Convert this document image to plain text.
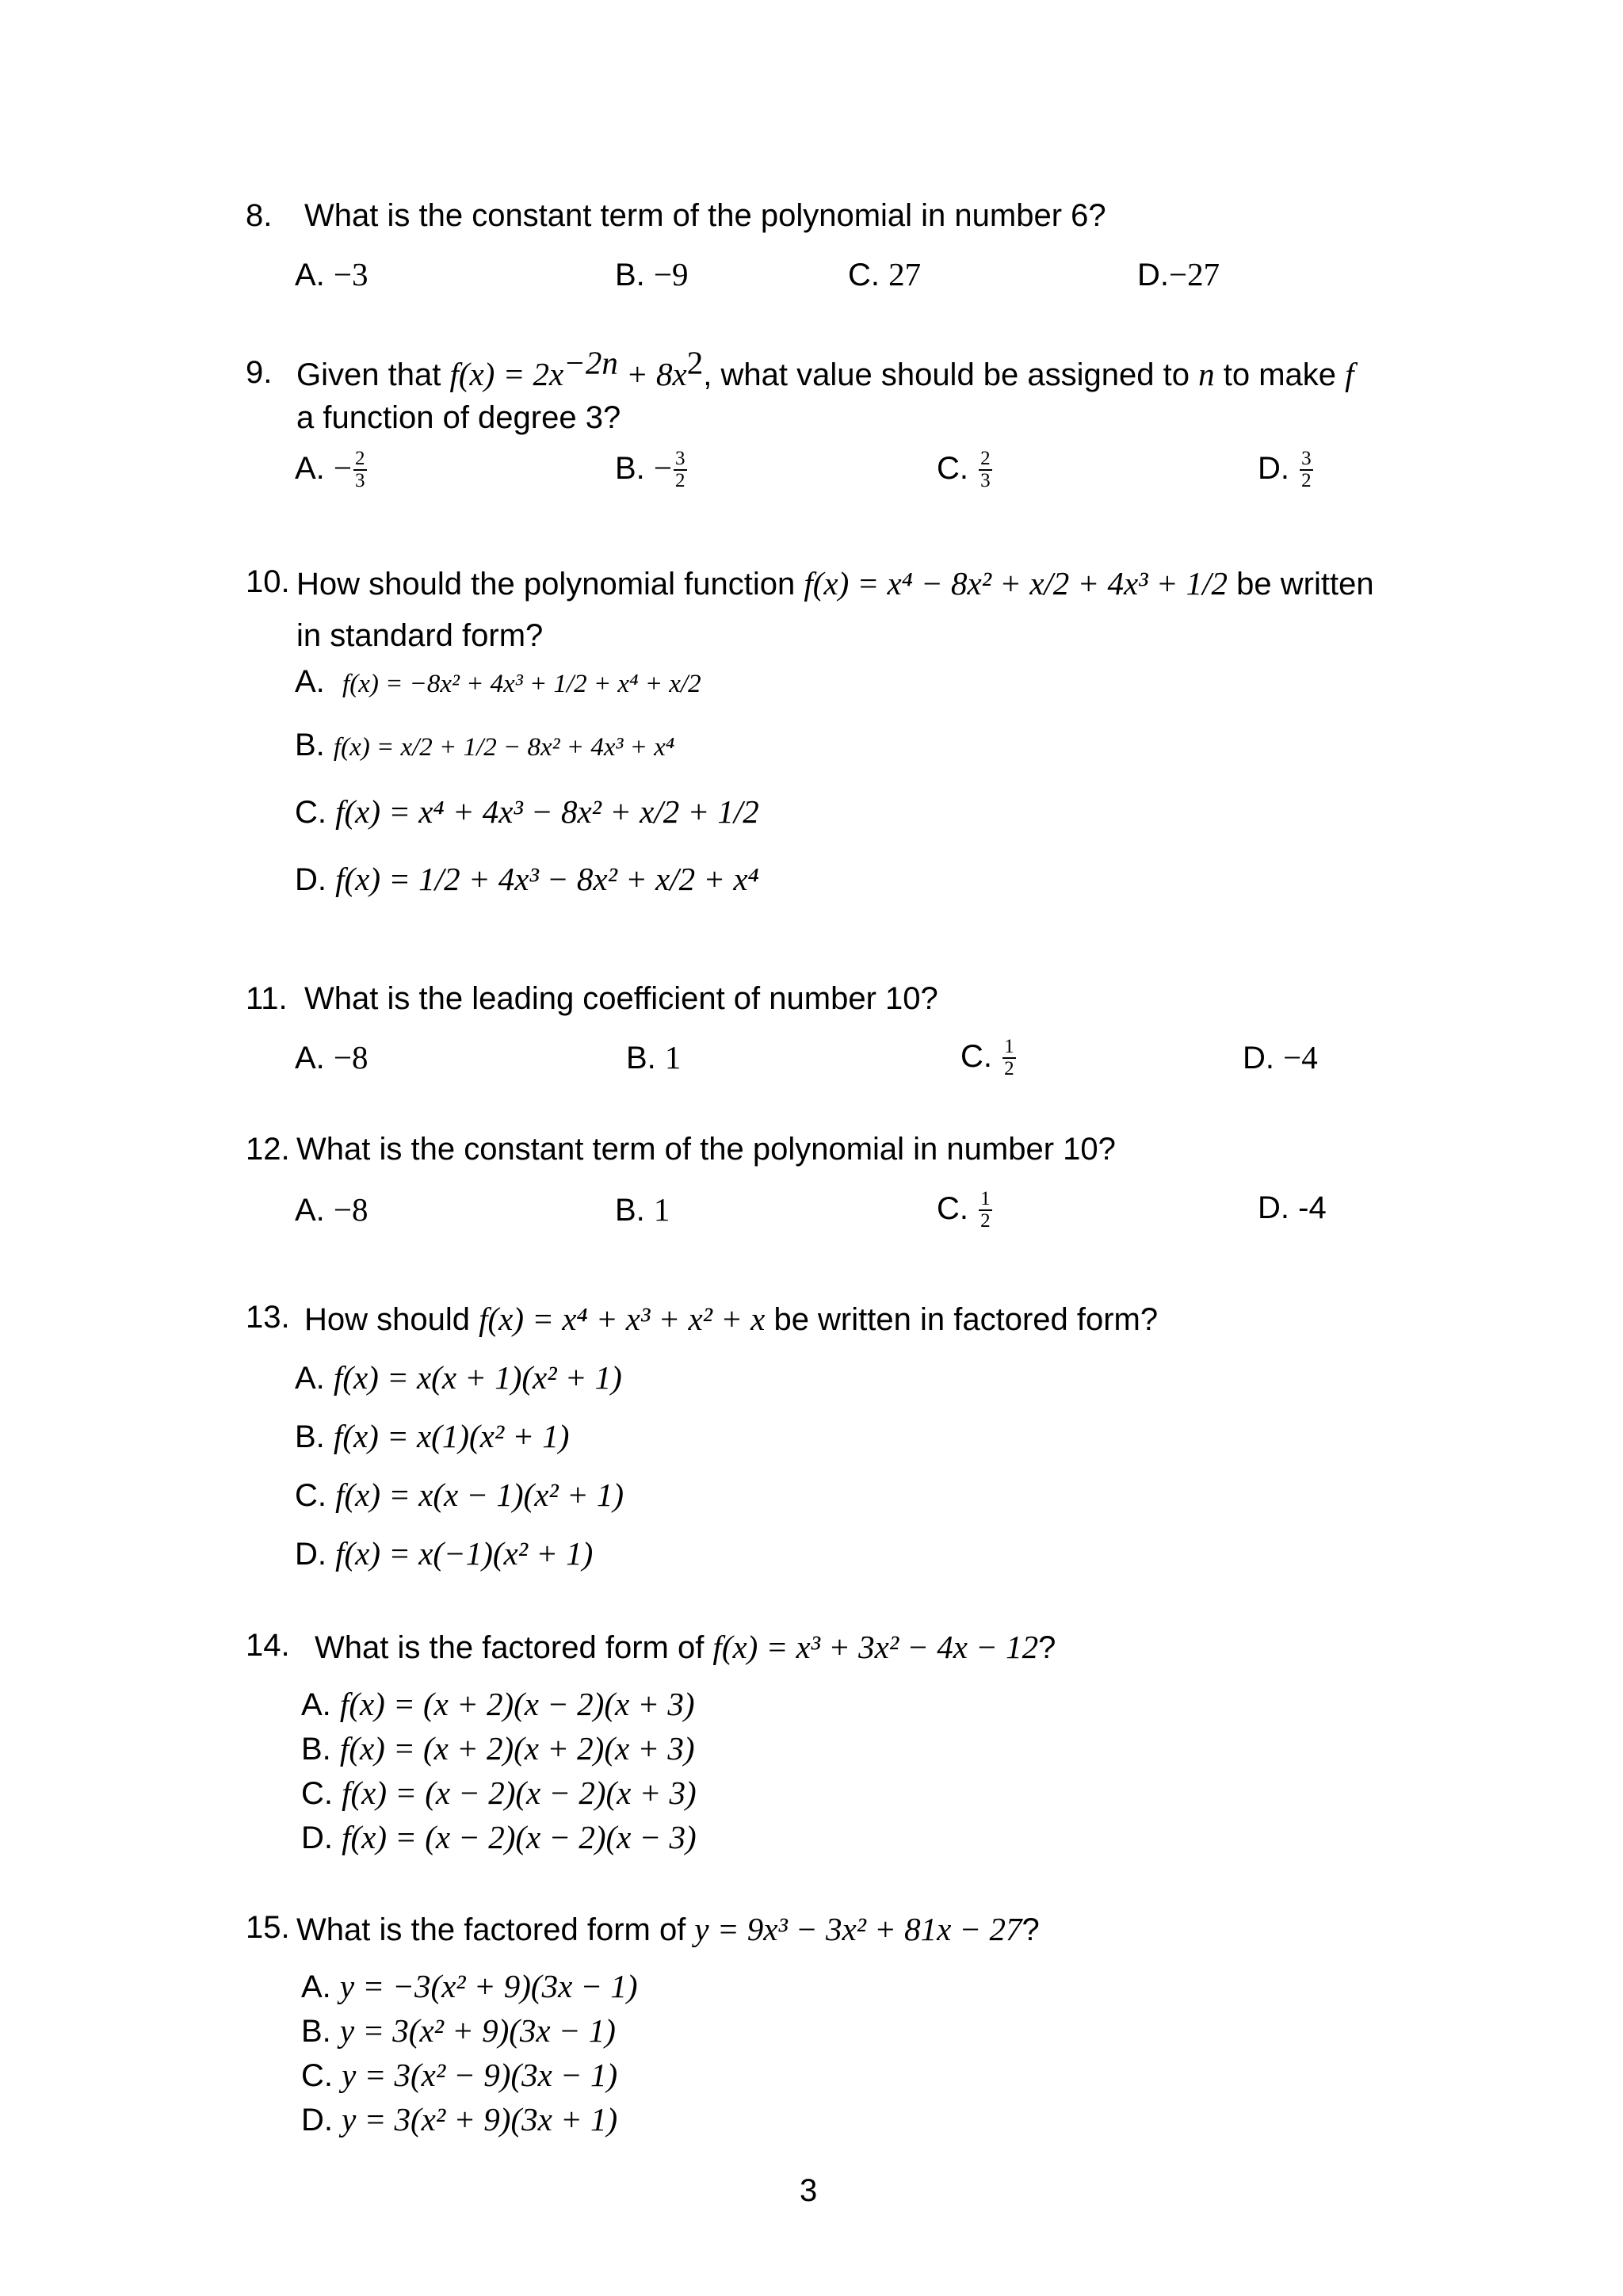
8. What is the constant term of the polynomial in number 6?
A. −3	B. −9	C. 27	D.−27
9. Given that $f(x) = 2x^{-2n} + 8x^2$, what value should be assigned to n to make f
a function of degree 3?
A. − $\frac{2}{3}$	B. − $\frac{3}{2}$	C. $\frac{2}{3}$	D. $\frac{3}{2}$
10. How should the polynomial function f(x) = x⁴ − 8x² + x/2 + 4x³ + 1/2 be written
in standard form?
A. f(x) = −8x² + 4x³ + 1/2 + x⁴ + x/2
B. f(x) = x/2 + 1/2 − 8x² + 4x³ + x⁴
C. f(x) = x⁴ + 4x³ − 8x² + x/2 + 1/2
D. f(x) = 1/2 + 4x³ − 8x² + x/2 + x⁴
11. What is the leading coefficient of number 10?
A. −8	B. 1	C. $\frac{1}{2}$	D. −4
12. What is the constant term of the polynomial in number 10?
A. −8	B. 1	C. $\frac{1}{2}$	D. -4
13. How should f(x) = x⁴ + x³ + x² + x be written in factored form?
A. f(x) = x(x + 1)(x² + 1)
B. f(x) = x(1)(x² + 1)
C. f(x) = x(x − 1)(x² + 1)
D. f(x) = x(−1)(x² + 1)
14. What is the factored form of f(x) = x³ + 3x² − 4x − 12?
A. f(x) = (x + 2)(x − 2)(x + 3)
B. f(x) = (x + 2)(x + 2)(x + 3)
C. f(x) = (x − 2)(x − 2)(x + 3)
D. f(x) = (x − 2)(x − 2)(x − 3)
15. What is the factored form of y = 9x³ − 3x² + 81x − 27?
A. y = −3(x² + 9)(3x − 1)
B. y = 3(x² + 9)(3x − 1)
C. y = 3(x² − 9)(3x − 1)
D. y = 3(x² + 9)(3x + 1)
3
